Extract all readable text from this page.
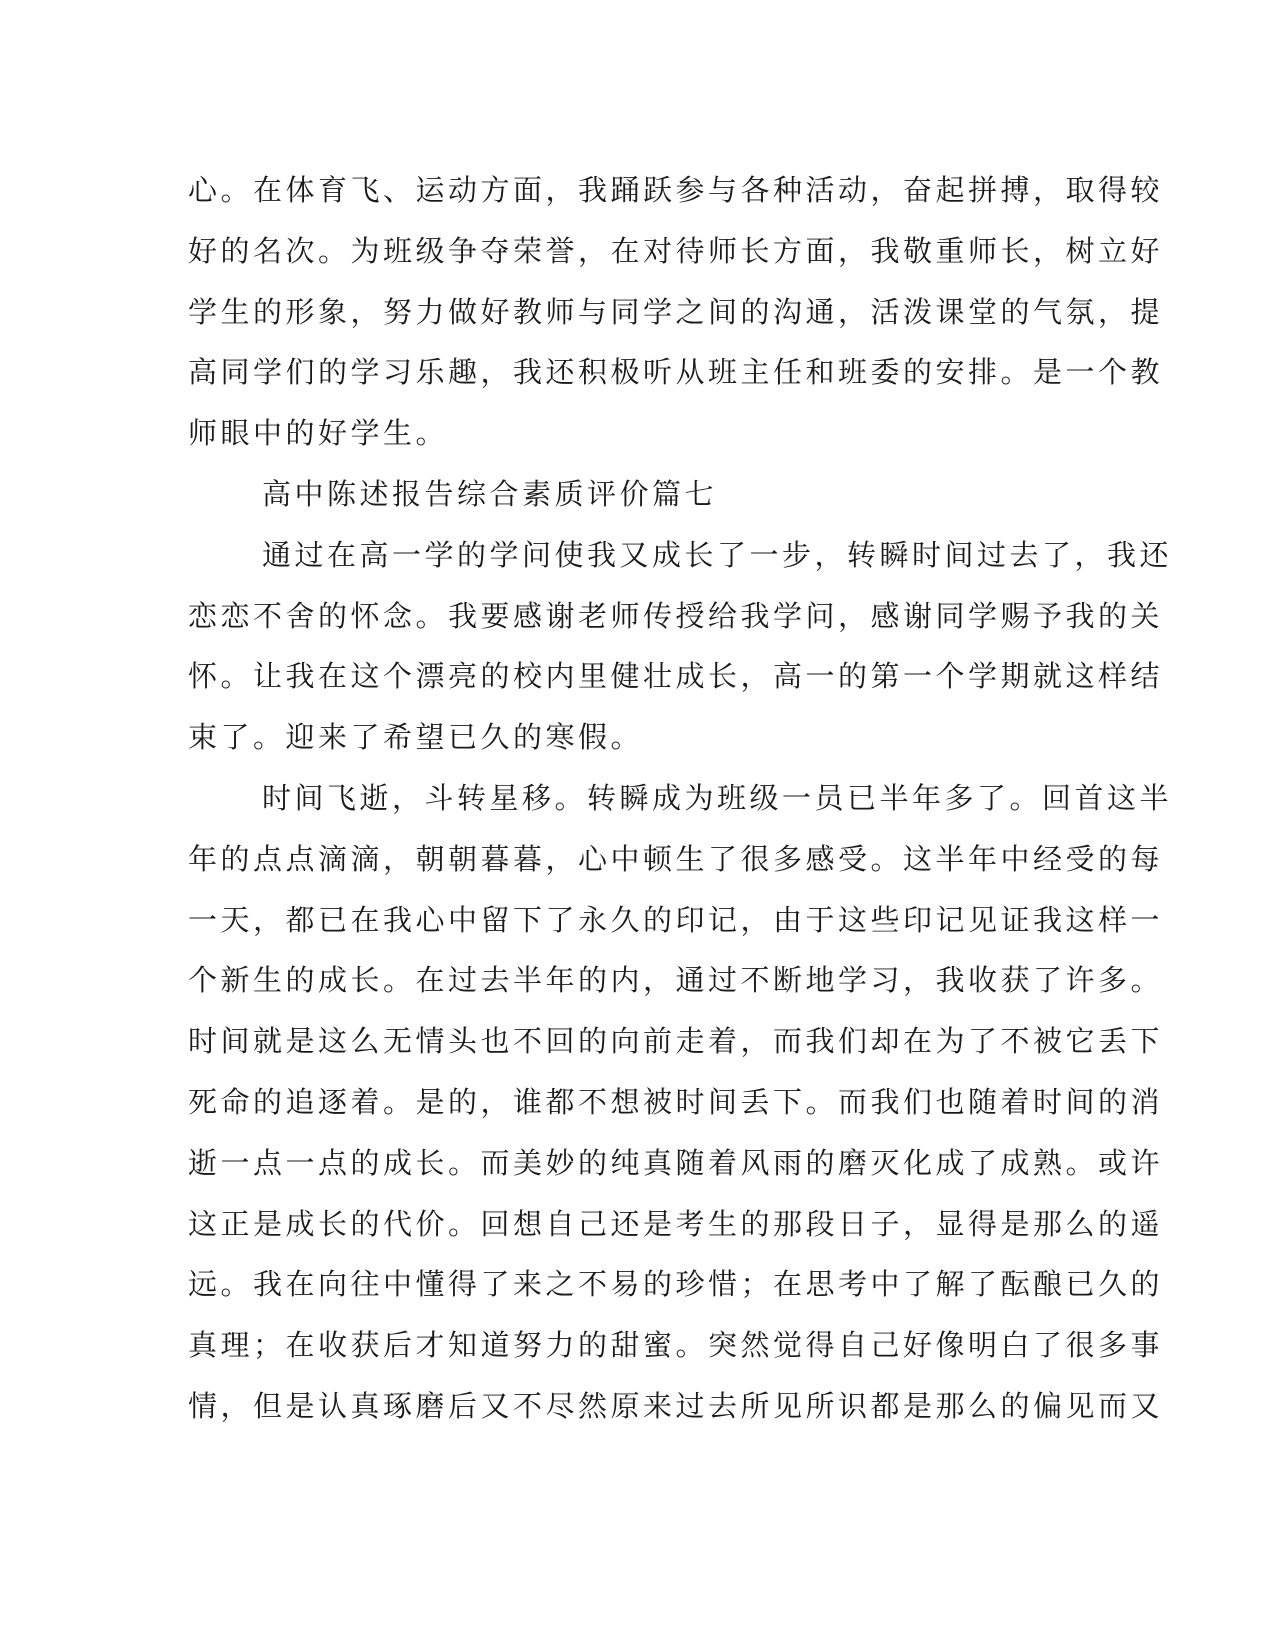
心。在体育飞、运动方面，我踊跃参与各种活动，奋起拼搏，取得较
好的名次。为班级争夺荣誉，在对待师长方面，我敬重师长，树立好
学生的形象，努力做好教师与同学之间的沟通，活泼课堂的气氛，提
高同学们的学习乐趣，我还积极听从班主任和班委的安排。是一个教
师眼中的好学生。
高中陈述报告综合素质评价篇七
通过在高一学的学问使我又成长了一步，转瞬时间过去了，我还
恋恋不舍的怀念。我要感谢老师传授给我学问，感谢同学赐予我的关
怀。让我在这个漂亮的校内里健壮成长，高一的第一个学期就这样结
束了。迎来了希望已久的寒假。
时间飞逝，斗转星移。转瞬成为班级一员已半年多了。回首这半
年的点点滴滴，朝朝暮暮，心中顿生了很多感受。这半年中经受的每
一天，都已在我心中留下了永久的印记，由于这些印记见证我这样一
个新生的成长。在过去半年的内，通过不断地学习，我收获了许多。
时间就是这么无情头也不回的向前走着，而我们却在为了不被它丢下
死命的追逐着。是的，谁都不想被时间丢下。而我们也随着时间的消
逝一点一点的成长。而美妙的纯真随着风雨的磨灭化成了成熟。或许
这正是成长的代价。回想自己还是考生的那段日子，显得是那么的遥
远。我在向往中懂得了来之不易的珍惜；在思考中了解了酝酿已久的
真理；在收获后才知道努力的甜蜜。突然觉得自己好像明白了很多事
情，但是认真琢磨后又不尽然原来过去所见所识都是那么的偏见而又
